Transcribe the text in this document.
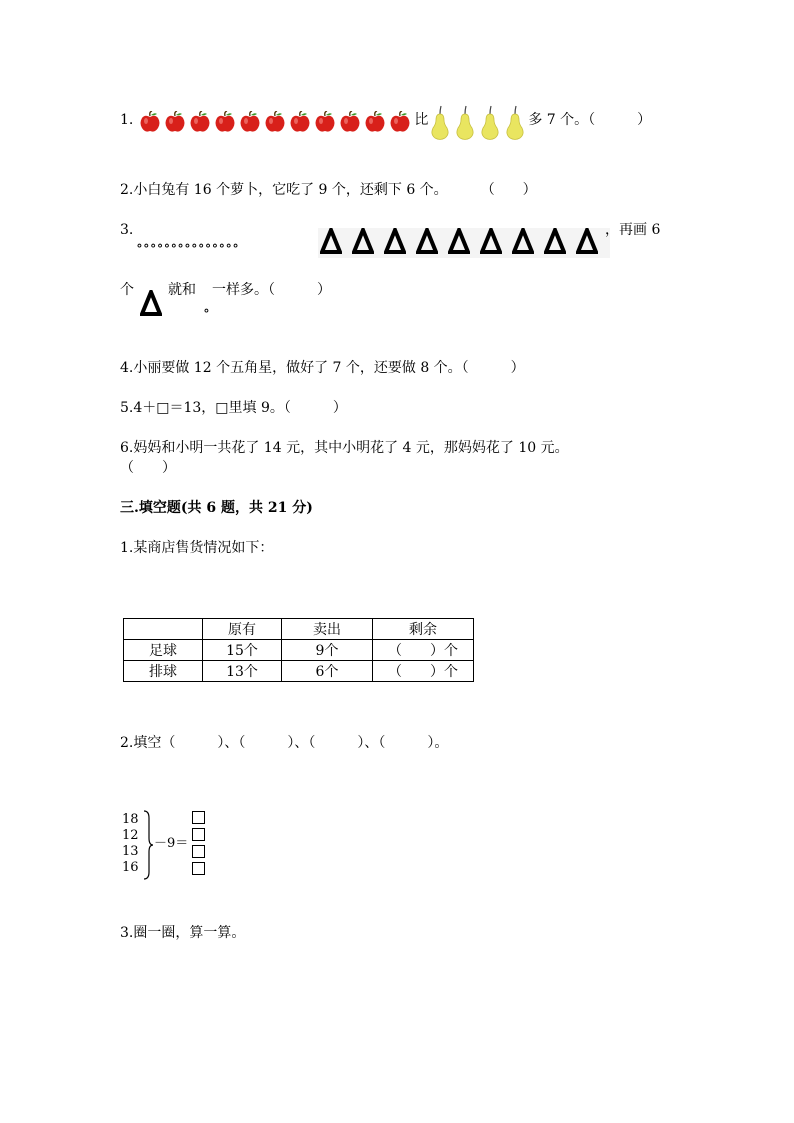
1.	比	多 7 个。（　　　）
2.小白兔有 16 个萝卜，它吃了 9 个，还剩下 6 个。	（　　）
3.
∘∘∘∘∘∘∘∘∘∘∘∘∘∘∘
，再画 6
个 就和
∘
一样多。（　　　）
4.小丽要做 12 个五角星，做好了 7 个，还要做 8 个。（　　　）
5.4＋□＝13，□里填 9。（　　　）
6.妈妈和小明一共花了 14 元，其中小明花了 4 元，那妈妈花了 10 元。
（　　）
三.填空题(共 6 题，共 21 分)
1.某商店售货情况如下：
	原有	卖出	剩余
足球	15个	9个	（　　）个
排球	13个	6个	（　　）个
2.填空（　　　）、（　　　）、（　　　）、（　　　）。
18
12
13
16
－9＝
3.圈一圈，算一算。
